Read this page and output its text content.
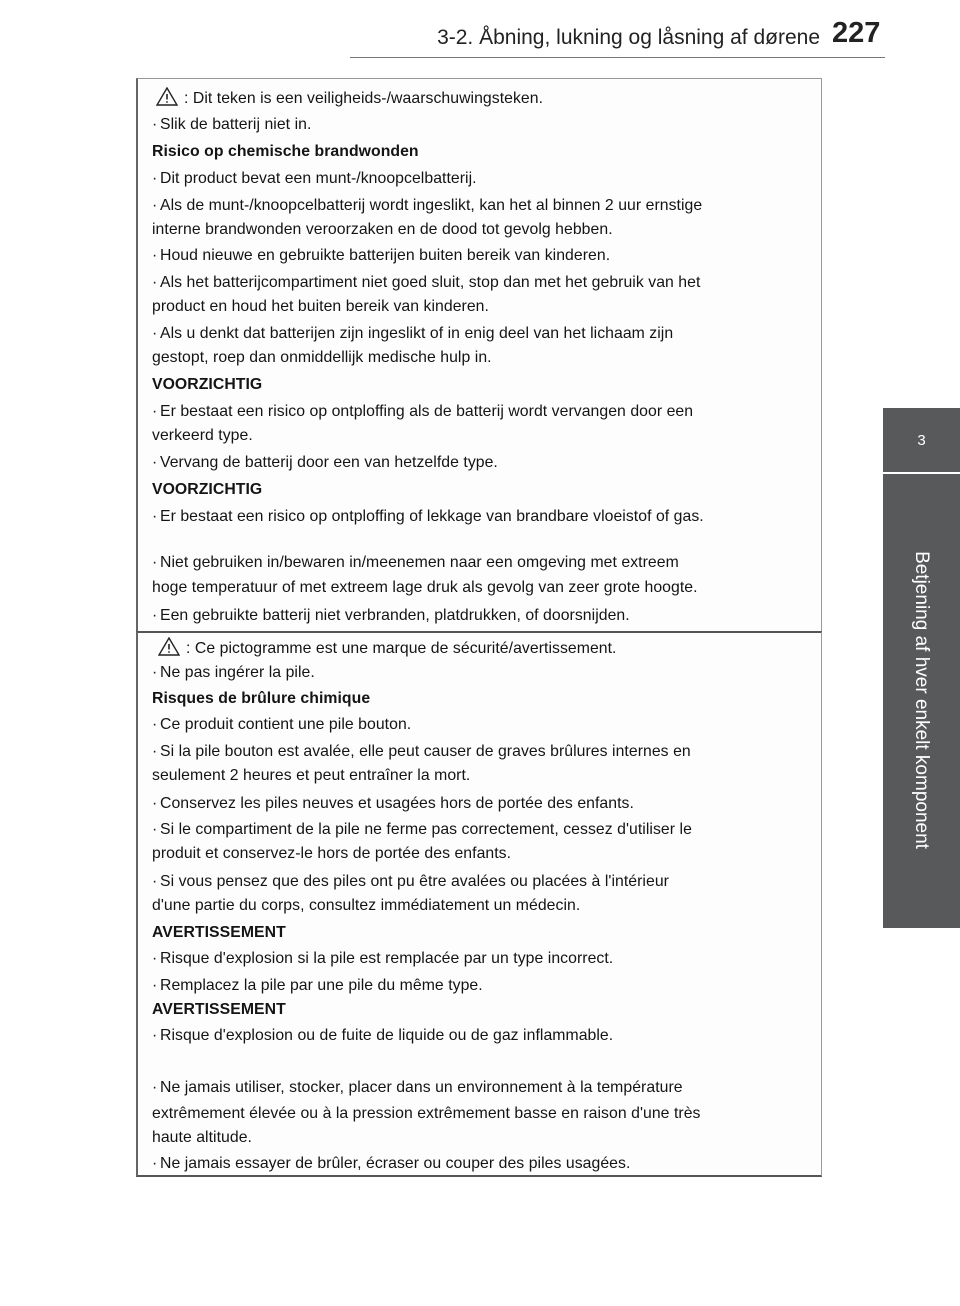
3-2. Åbning, lukning og låsning af dørene 227
3
Betjening af hver enkelt komponent
: Dit teken is een veiligheids-/waarschuwingsteken.
· Slik de batterij niet in.
Risico op chemische brandwonden
· Dit product bevat een munt-/knoopcelbatterij.
· Als de munt-/knoopcelbatterij wordt ingeslikt, kan het al binnen 2 uur ernstige
interne brandwonden veroorzaken en de dood tot gevolg hebben.
· Houd nieuwe en gebruikte batterijen buiten bereik van kinderen.
· Als het batterijcompartiment niet goed sluit, stop dan met het gebruik van het
product en houd het buiten bereik van kinderen.
· Als u denkt dat batterijen zijn ingeslikt of in enig deel van het lichaam zijn
gestopt, roep dan onmiddellijk medische hulp in.
VOORZICHTIG
· Er bestaat een risico op ontploffing als de batterij wordt vervangen door een
verkeerd type.
· Vervang de batterij door een van hetzelfde type.
VOORZICHTIG
· Er bestaat een risico op ontploffing of lekkage van brandbare vloeistof of gas.
· Niet gebruiken in/bewaren in/meenemen naar een omgeving met extreem
hoge temperatuur of met extreem lage druk als gevolg van zeer grote hoogte.
· Een gebruikte batterij niet verbranden, platdrukken, of doorsnijden.
: Ce pictogramme est une marque de sécurité/avertissement.
· Ne pas ingérer la pile.
Risques de brûlure chimique
· Ce produit contient une pile bouton.
· Si la pile bouton est avalée, elle peut causer de graves brûlures internes en
seulement 2 heures et peut entraîner la mort.
· Conservez les piles neuves et usagées hors de portée des enfants.
· Si le compartiment de la pile ne ferme pas correctement, cessez d'utiliser le
produit et conservez-le hors de portée des enfants.
· Si vous pensez que des piles ont pu être avalées ou placées à l'intérieur
d'une partie du corps, consultez immédiatement un médecin.
AVERTISSEMENT
· Risque d'explosion si la pile est remplacée par un type incorrect.
· Remplacez la pile par une pile du même type.
AVERTISSEMENT
· Risque d'explosion ou de fuite de liquide ou de gaz inflammable.
· Ne jamais utiliser, stocker, placer dans un environnement à la température
extrêmement élevée ou à la pression extrêmement basse en raison d'une très
haute altitude.
· Ne jamais essayer de brûler, écraser ou couper des piles usagées.
